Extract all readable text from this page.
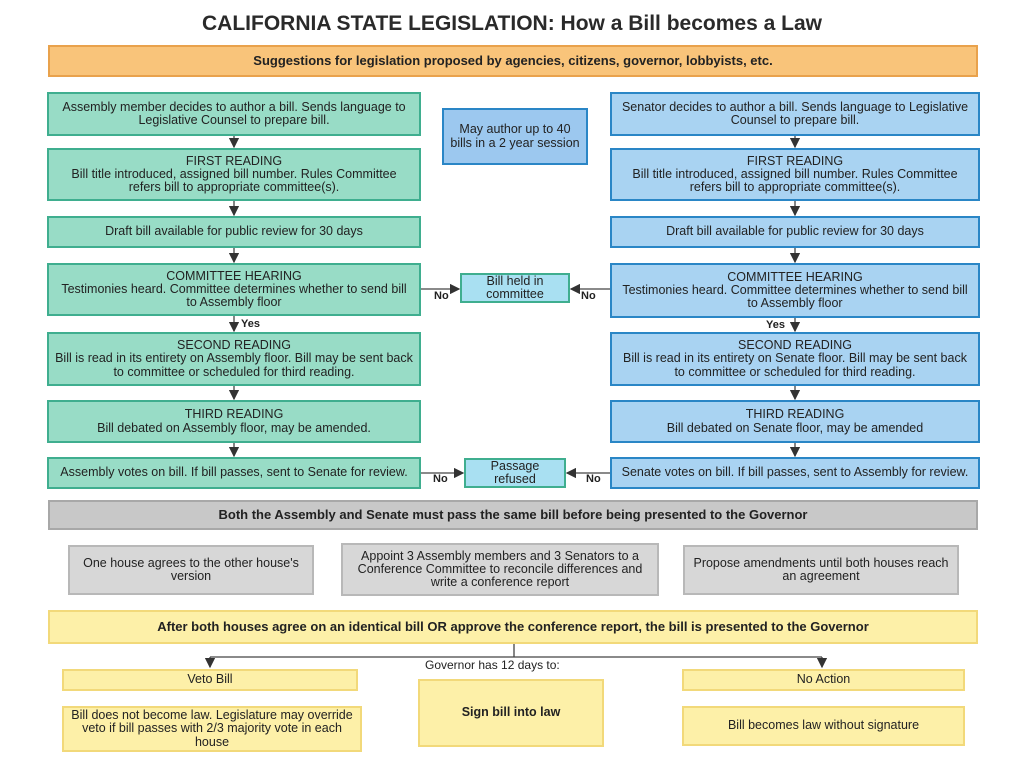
CALIFORNIA STATE LEGISLATION: How a Bill becomes a Law
Suggestions for legislation proposed by agencies, citizens, governor, lobbyists, etc.
Assembly member decides to author a bill. Sends language to Legislative Counsel to prepare bill.
FIRST READING
Bill title introduced, assigned bill number. Rules Committee refers bill to appropriate committee(s).
Draft bill available for public review for 30 days
COMMITTEE HEARING
Testimonies heard. Committee determines whether to send bill to Assembly floor
SECOND READING
Bill is read in its entirety on Assembly floor. Bill may be sent back to committee or scheduled for third reading.
THIRD READING
Bill debated on Assembly floor, may be amended.
Assembly votes on bill. If bill passes, sent to Senate for review.
May author up to 40 bills in a 2 year session
Bill held in committee
Passage refused
Senator decides to author a bill. Sends language to Legislative Counsel to prepare bill.
FIRST READING
Bill title introduced, assigned bill number. Rules Committee refers bill to appropriate committee(s).
Draft bill available for public review for 30 days
COMMITTEE HEARING
Testimonies heard. Committee determines whether to send bill to Assembly floor
SECOND READING
Bill is read in its entirety on Senate floor. Bill may be sent back to committee or scheduled for third reading.
THIRD READING
Bill debated on Senate floor, may be amended
Senate votes on bill. If bill passes, sent to Assembly for review.
No	No
Yes	Yes
No	No
Both the Assembly and Senate must pass the same bill before being presented to the Governor
One house agrees to the other house's version
Appoint 3 Assembly members and 3 Senators to a Conference Committee to reconcile differences and write a conference report
Propose amendments until both houses reach an agreement
After both houses agree on an identical bill OR approve the conference report, the bill is presented to the Governor
Governor has 12 days to:
Veto Bill
Bill does not become law. Legislature may override veto if bill passes with 2/3 majority vote in each house
Sign bill into law
No Action
Bill becomes law without signature
